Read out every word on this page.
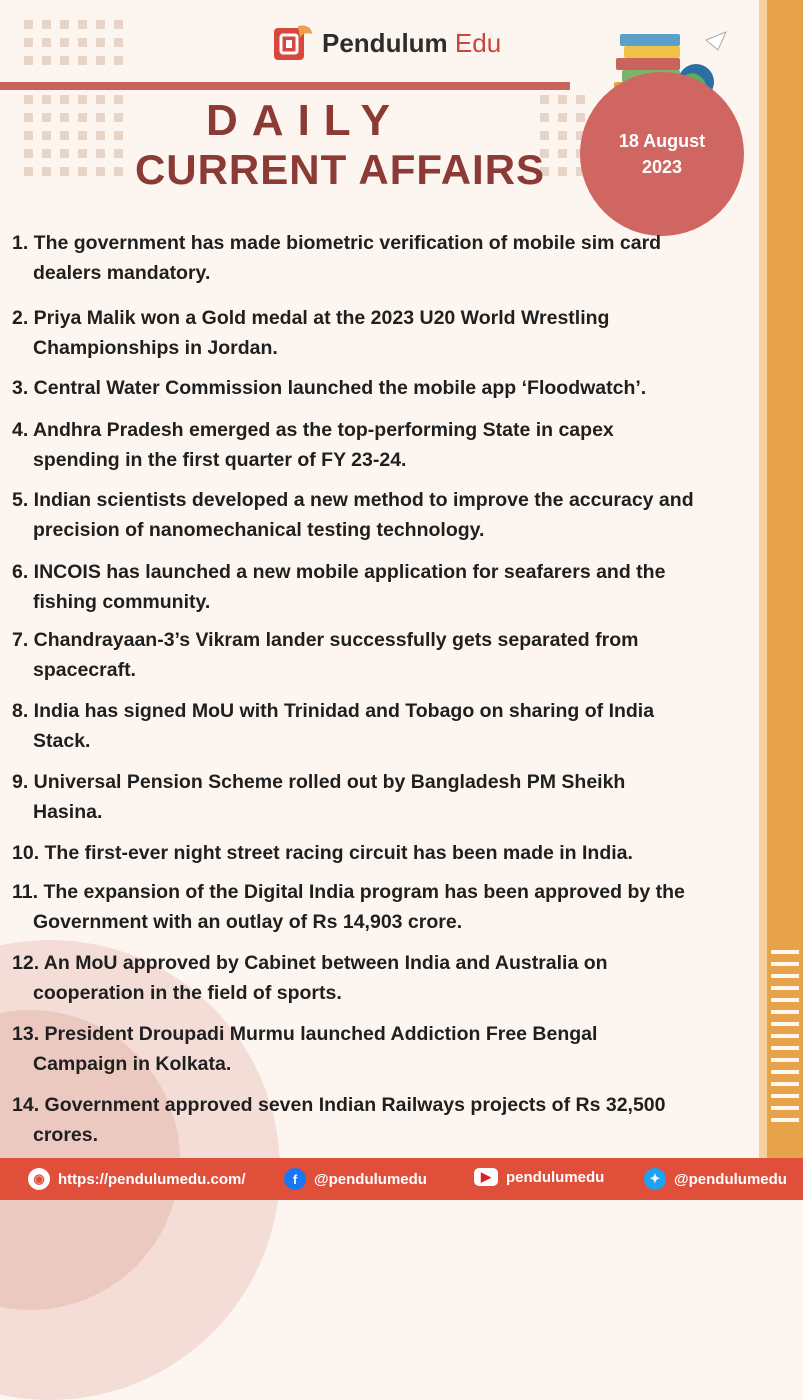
Pendulum Edu
DAILY
CURRENT AFFAIRS
18 August
2023
1. The government has made biometric verification of mobile sim card
dealers mandatory.
2. Priya Malik won a Gold medal at the 2023 U20 World Wrestling
Championships in Jordan.
3. Central Water Commission launched the mobile app ‘Floodwatch’.
4. Andhra Pradesh emerged as the top-performing State in capex
spending in the first quarter of FY 23-24.
5. Indian scientists developed a new method to improve the accuracy and
precision of nanomechanical testing technology.
6. INCOIS has launched a new mobile application for seafarers and the
fishing community.
7. Chandrayaan-3’s Vikram lander successfully gets separated from
spacecraft.
8. India has signed MoU with Trinidad and Tobago on sharing of India
Stack.
9. Universal Pension Scheme rolled out by Bangladesh PM Sheikh
Hasina.
10. The first-ever night street racing circuit has been made in India.
11. The expansion of the Digital India program has been approved by the
Government with an outlay of Rs 14,903 crore.
12. An MoU approved by Cabinet between India and Australia on
cooperation in the field of sports.
13. President Droupadi Murmu launched Addiction Free Bengal
Campaign in Kolkata.
14. Government approved seven Indian Railways projects of Rs 32,500
crores.
◉ https://pendulumedu.com/	f	@pendulumedu	▶	pendulumedu	✦ @pendulumedu
